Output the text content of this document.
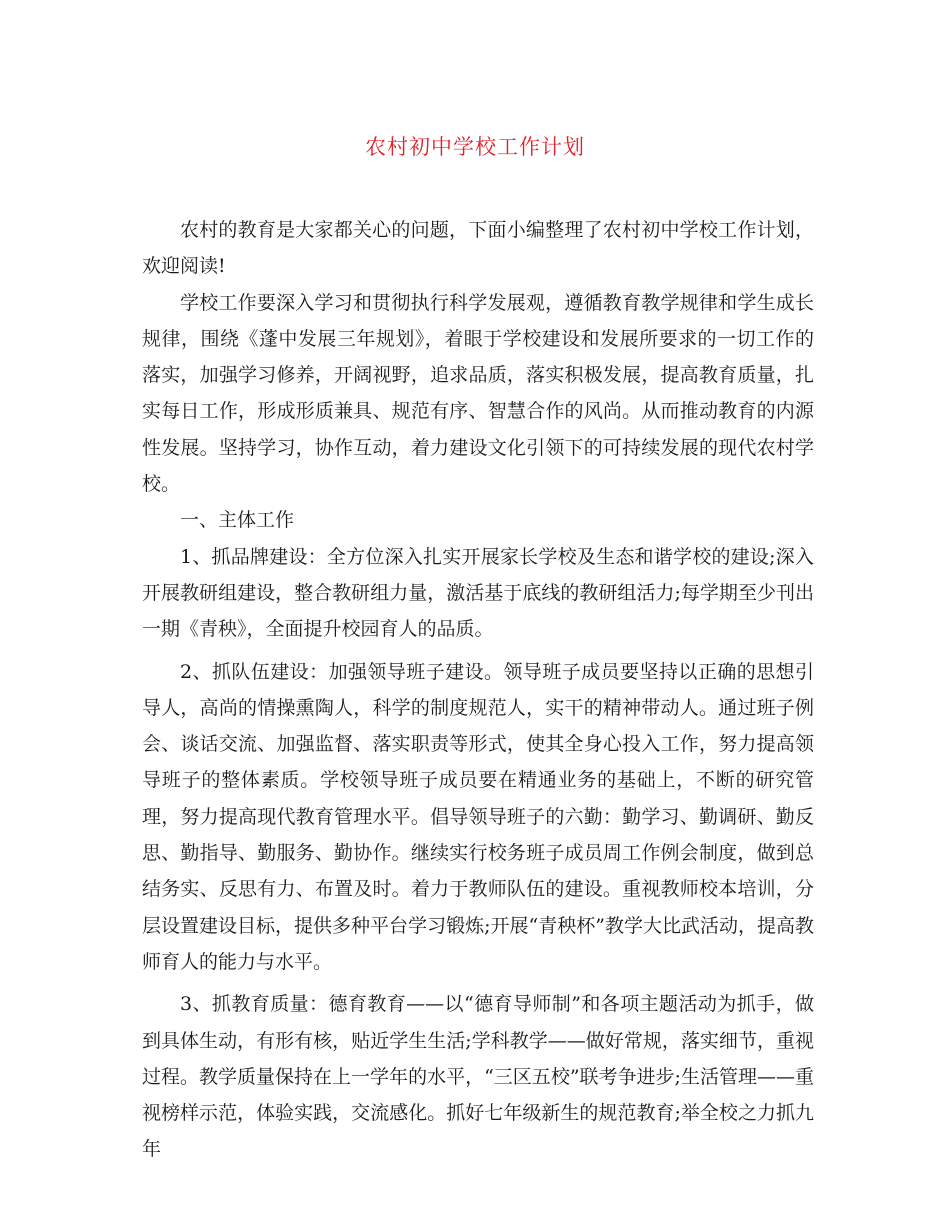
农村初中学校工作计划

农村的教育是大家都关心的问题，下面小编整理了农村初中学校工作计划，欢迎阅读!

学校工作要深入学习和贯彻执行科学发展观，遵循教育教学规律和学生成长规律，围绕《蓬中发展三年规划》，着眼于学校建设和发展所要求的一切工作的落实，加强学习修养，开阔视野，追求品质，落实积极发展，提高教育质量，扎实每日工作，形成形质兼具、规范有序、智慧合作的风尚。从而推动教育的内源性发展。坚持学习，协作互动，着力建设文化引领下的可持续发展的现代农村学校。

一、主体工作

1、抓品牌建设：全方位深入扎实开展家长学校及生态和谐学校的建设;深入开展教研组建设，整合教研组力量，激活基于底线的教研组活力;每学期至少刊出一期《青秧》，全面提升校园育人的品质。

2、抓队伍建设：加强领导班子建设。领导班子成员要坚持以正确的思想引导人，高尚的情操熏陶人，科学的制度规范人，实干的精神带动人。通过班子例会、谈话交流、加强监督、落实职责等形式，使其全身心投入工作，努力提高领导班子的整体素质。学校领导班子成员要在精通业务的基础上，不断的研究管理，努力提高现代教育管理水平。倡导领导班子的六勤：勤学习、勤调研、勤反思、勤指导、勤服务、勤协作。继续实行校务班子成员周工作例会制度，做到总结务实、反思有力、布置及时。着力于教师队伍的建设。重视教师校本培训，分层设置建设目标，提供多种平台学习锻炼;开展“青秧杯”教学大比武活动，提高教师育人的能力与水平。

3、抓教育质量：德育教育——以“德育导师制”和各项主题活动为抓手，做到具体生动，有形有核，贴近学生生活;学科教学——做好常规，落实细节，重视过程。教学质量保持在上一学年的水平，“三区五校”联考争进步;生活管理——重视榜样示范，体验实践，交流感化。抓好七年级新生的规范教育;举全校之力抓九年
